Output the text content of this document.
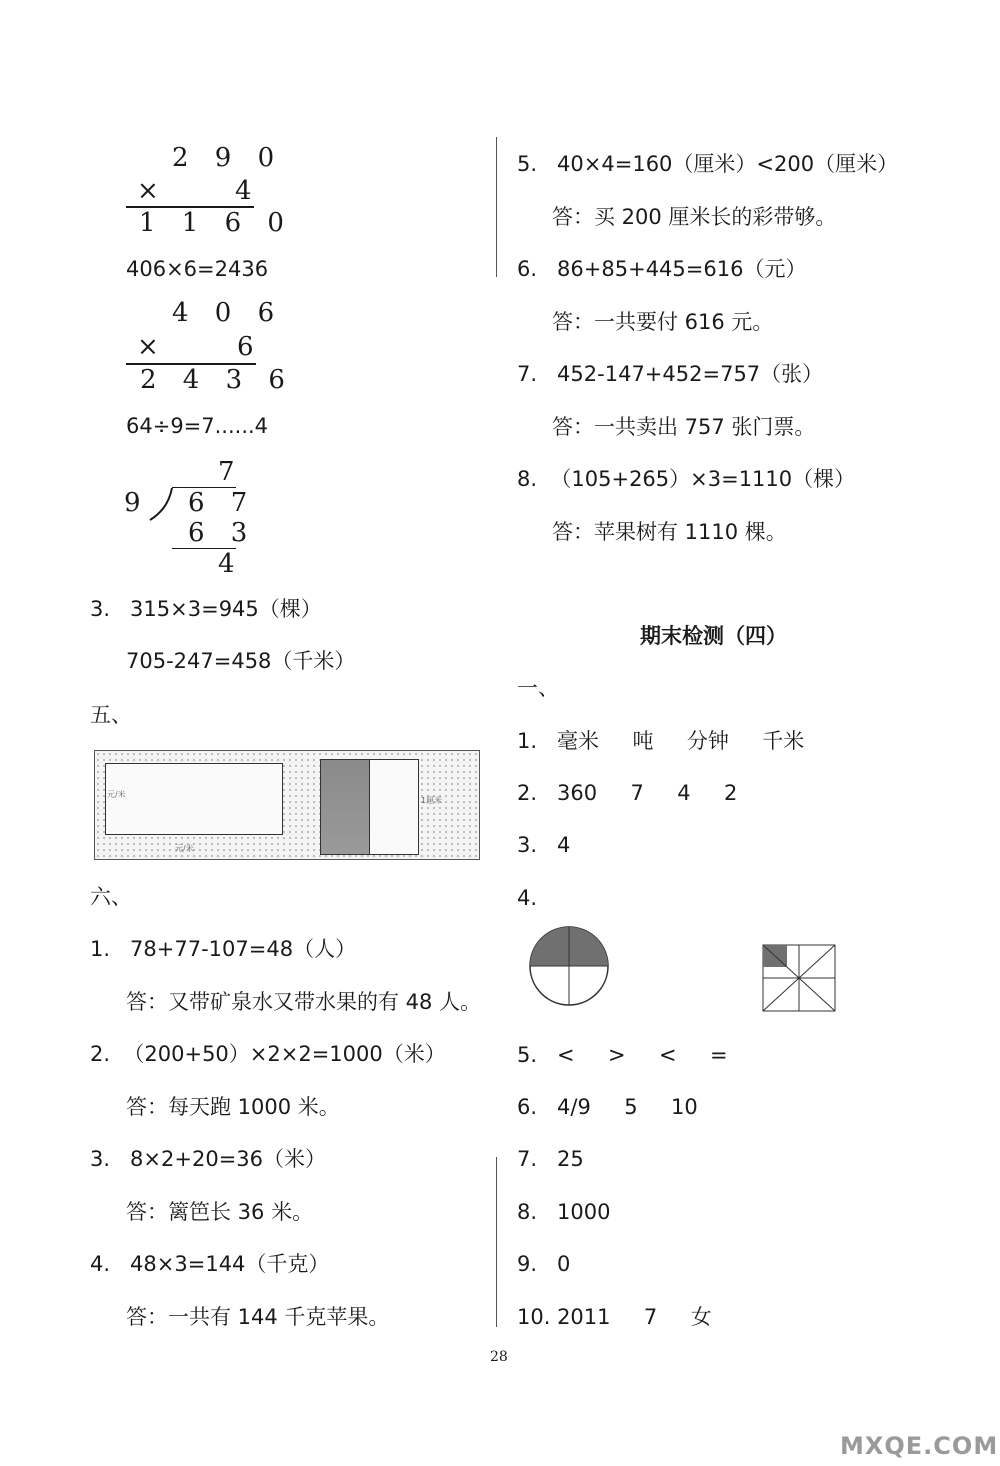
2 9 0
×	4
1 1 6 0
406×6=2436
4 0 6
×	6
2 4 3 6
64÷9=7......4
7
9 6 7
6 3
4
3.   315×3=945（棵）
705-247=458（千米）
五、
元/米
元/米
1厘米
六、
1.   78+77-107=48（人）
答：又带矿泉水又带水果的有 48 人。
2.  （200+50）×2×2=1000（米）
答：每天跑 1000 米。
3.   8×2+20=36（米）
答：篱笆长 36 米。
4.   48×3=144（千克）
答：一共有 144 千克苹果。
5.   40×4=160（厘米）<200（厘米）
答：买 200 厘米长的彩带够。
6.   86+85+445=616（元）
答：一共要付 616 元。
7.   452-147+452=757（张）
答：一共卖出 757 张门票。
8.  （105+265）×3=1110（棵）
答：苹果树有 1110 棵。
期末检测（四）
一、
1.   毫米     吨     分钟     千米
2.   360     7     4     2
3.   4
4.
5.   <     >     <     =
6.   4/9     5     10
7.   25
8.   1000
9.   0
10. 2011     7     女
28
MXQE.COM
